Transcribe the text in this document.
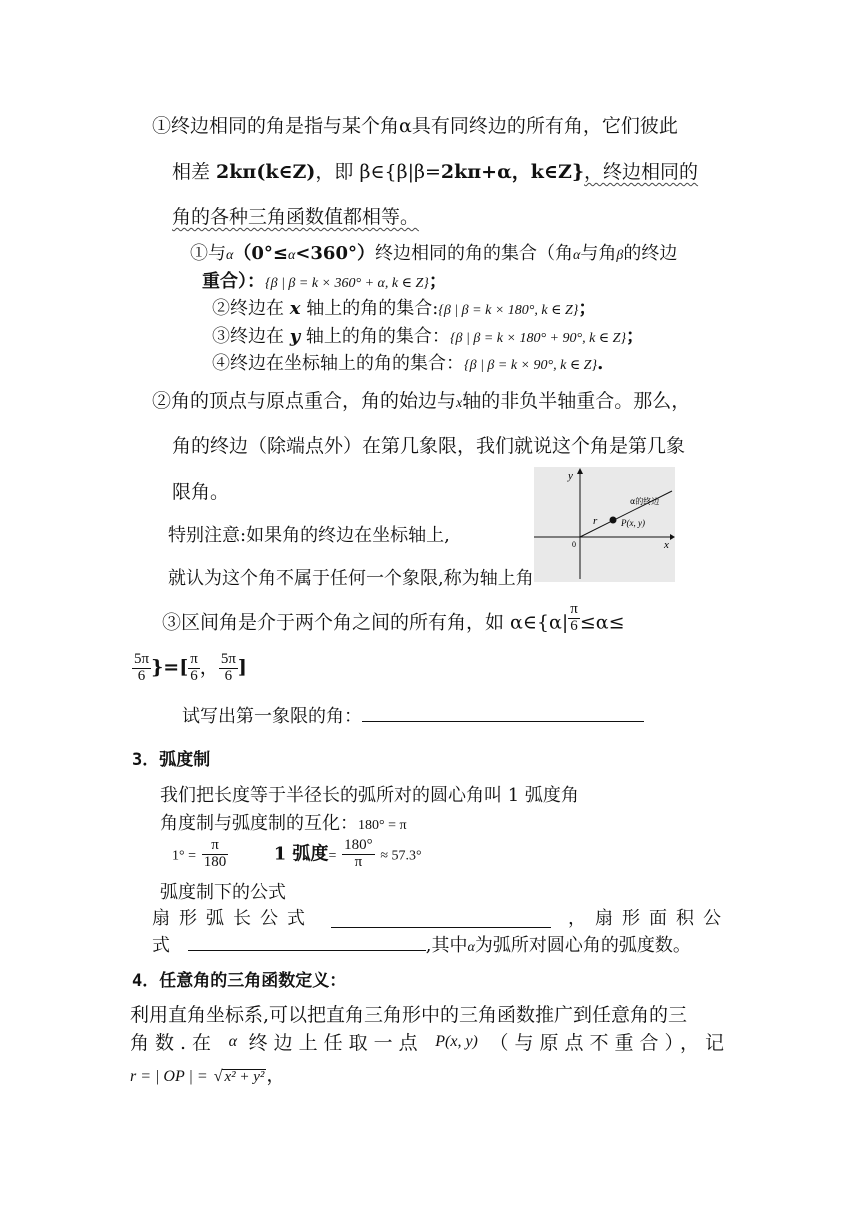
①终边相同的角是指与某个角α具有同终边的所有角，它们彼此
相差 2kπ(k∈Z)，即 β∈{β|β=2kπ+α，k∈Z}，终边相同的
角的各种三角函数值都相等。
①与α（0°≤α<360°）终边相同的角的集合（角α与角β的终边
重合）：{β | β = k × 360° + α, k ∈ Z}；
②终边在 x 轴上的角的集合:{β | β = k × 180°, k ∈ Z}；
③终边在 y 轴上的角的集合：{β | β = k × 180° + 90°, k ∈ Z}；
④终边在坐标轴上的角的集合：{β | β = k × 90°, k ∈ Z}.
②角的顶点与原点重合，角的始边与x轴的非负半轴重合。那么，
角的终边（除端点外）在第几象限，我们就说这个角是第几象
限角。
特别注意:如果角的终边在坐标轴上,
就认为这个角不属于任何一个象限,称为轴上角
y
x
0
r	P(x, y)
α的终边
③区间角是介于两个角之间的所有角，如 α∈{α| $\frac{\pi}{6} \le\alpha\le$
$\frac{5\pi}{6}$ }=[ $\frac{\pi}{6}$ ， $\frac{5\pi}{6}$ ]
试写出第一象限的角：
3．弧度制
我们把长度等于半径长的弧所对的圆心角叫 1 弧度角
角度制与弧度制的互化：180° = π
$1^\circ = \frac{\pi}{180}$	1 弧度= $\frac{180^\circ}{\pi} \approx 57.3^\circ$
弧度制下的公式
扇形弧长公式	，扇形面积公
式	,其中α为弧所对圆心角的弧度数。
4．任意角的三角函数定义：
利用直角坐标系,可以把直角三角形中的三角函数推广到任意角的三
角数.在 α 终边上任取一点 P(x, y) （与原点不重合），记
r = | OP | = √ x² + y² ，
